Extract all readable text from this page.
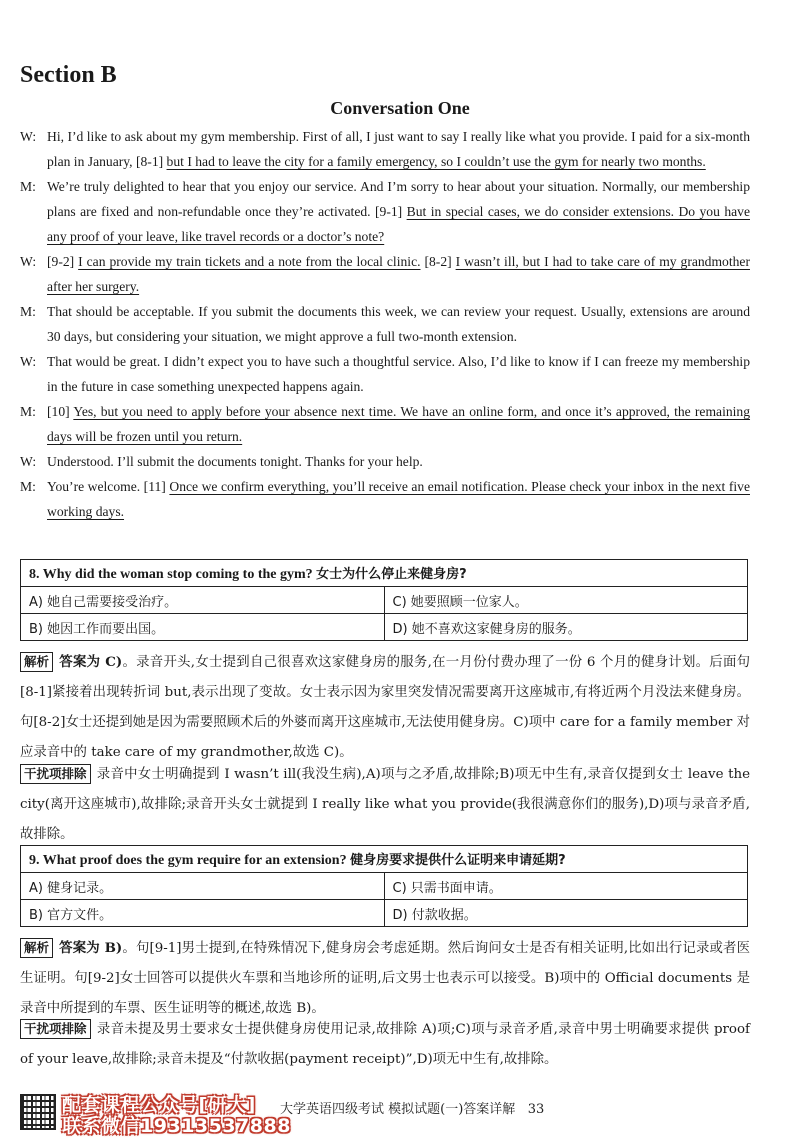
Section B
Conversation One

W: Hi, I’d like to ask about my gym membership. First of all, I just want to say I really like what you provide. I paid for a six-month plan in January, [8-1] but I had to leave the city for a family emergency, so I couldn’t use the gym for nearly two months.

M: We’re truly delighted to hear that you enjoy our service. And I’m sorry to hear about your situation. Normally, our membership plans are fixed and non-refundable once they’re activated. [9-1] But in special cases, we do consider extensions. Do you have any proof of your leave, like travel records or a doctor’s note?

W: [9-2] I can provide my train tickets and a note from the local clinic. [8-2] I wasn’t ill, but I had to take care of my grandmother after her surgery.

M: That should be acceptable. If you submit the documents this week, we can review your request. Usually, extensions are around 30 days, but considering your situation, we might approve a full two-month extension.

W: That would be great. I didn’t expect you to have such a thoughtful service. Also, I’d like to know if I can freeze my membership in the future in case something unexpected happens again.

M: [10] Yes, but you need to apply before your absence next time. We have an online form, and once it’s approved, the remaining days will be frozen until you return.

W: Understood. I’ll submit the documents tonight. Thanks for your help.

M: You’re welcome. [11] Once we confirm everything, you’ll receive an email notification. Please check your inbox in the next five working days.

8. Why did the woman stop coming to the gym? 女士为什么停止来健身房?	
A) 她自己需要接受治疗。	C) 她要照顾一位家人。
B) 她因工作而要出国。	D) 她不喜欢这家健身房的服务。
解析 答案为 C)。录音开头,女士提到自己很喜欢这家健身房的服务,在一月份付费办理了一份 6 个月的健身计划。后面句[8-1]紧接着出现转折词 but,表示出现了变故。女士表示因为家里突发情况需要离开这座城市,有将近两个月没法来健身房。句[8-2]女士还提到她是因为需要照顾术后的外婆而离开这座城市,无法使用健身房。C)项中 care for a family member 对应录音中的 take care of my grandmother,故选 C)。
干扰项排除 录音中女士明确提到 I wasn’t ill(我没生病),A)项与之矛盾,故排除;B)项无中生有,录音仅提到女士 leave the city(离开这座城市),故排除;录音开头女士就提到 I really like what you provide(我很满意你们的服务),D)项与录音矛盾,故排除。
9. What proof does the gym require for an extension? 健身房要求提供什么证明来申请延期?	
A) 健身记录。	C) 只需书面申请。
B) 官方文件。	D) 付款收据。
解析 答案为 B)。句[9-1]男士提到,在特殊情况下,健身房会考虑延期。然后询问女士是否有相关证明,比如出行记录或者医生证明。句[9-2]女士回答可以提供火车票和当地诊所的证明,后文男士也表示可以接受。B)项中的 Official documents 是录音中所提到的车票、医生证明等的概述,故选 B)。
干扰项排除 录音未提及男士要求女士提供健身房使用记录,故排除 A)项;C)项与录音矛盾,录音中男士明确要求提供 proof of your leave,故排除;录音未提及“付款收据(payment receipt)”,D)项无中生有,故排除。
配套课程公众号[研大]
联系微信19313537888
大学英语四级考试 模拟试题(一)答案详解 33
